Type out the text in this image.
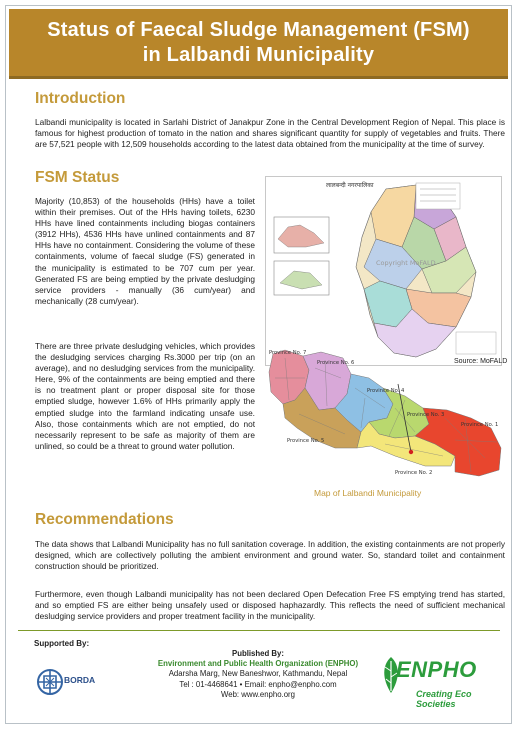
Status of Faecal Sludge Management (FSM)
in Lalbandi Municipality
Introduction
Lalbandi municipality is located in Sarlahi District of Janakpur Zone in the Central Development Region of Nepal. This place is famous for highest production of tomato in the nation and shares significant quantity for supply of vegetables and fruits. There are 57,521 people with 12,509 households according to the latest data obtained from the municipality at the time of survey.
FSM Status
Majority (10,853) of the households (HHs) have a toilet within their premises. Out of the HHs having toilets, 6230 HHs have lined containments including biogas containers (3912 HHs), 4536 HHs have unlined containments and 87 HHs have no containment. Considering the volume of these containments, volume of faecal sludge (FS) generated in the municipality is estimated to be 707 cum per year. Generated FS are being emptied by the private desludging service providers - manually (36 cum/year) and mechanically (28 cum/year).
There are three private desludging vehicles, which provides the desludging services charging Rs.3000 per trip (on an average), and no desludging services from the municipality. Here, 9% of the containments are being emptied and there is no treatment plant or proper disposal site for those emptied sludge, however 1.6% of HHs primarily apply the emptied sludge into the farmland indicating unsafe use. Also, those containments which are not emptied, do not necessarily represent to be safe as majority of them are unlined, so could be a threat to ground water pollution.
लालबन्दी नगरपालिका
Copyright MoFALD
Source: MoFALD
Province No. 7
Province No. 6
Province No. 4
Province No. 3
Province No. 5
Province No. 2
Province No. 1
Map of Lalbandi Municipality
Recommendations
The data shows that Lalbandi Municipality has no full sanitation coverage. In addition, the existing containments are not properly designed, which are collectively polluting the ambient environment and ground water. So, standard toilet and containment construction should be prioritized.
Furthermore, even though Lalbandi municipality has not been declared Open Defecation Free FS emptying trend has started, and so emptied FS are either being unsafely used or disposed haphazardly. This reflects the need of sufficient mechanical desludging service providers and proper treatment facility in the municipality.
Supported By:
BORDA
Published By:
Environment and Public Health Organization (ENPHO)
Adarsha Marg, New Baneshwor, Kathmandu, Nepal
Tel : 01-4468641 • Email: enpho@enpho.com
Web: www.enpho.org
ENPHO
Creating Eco Societies
